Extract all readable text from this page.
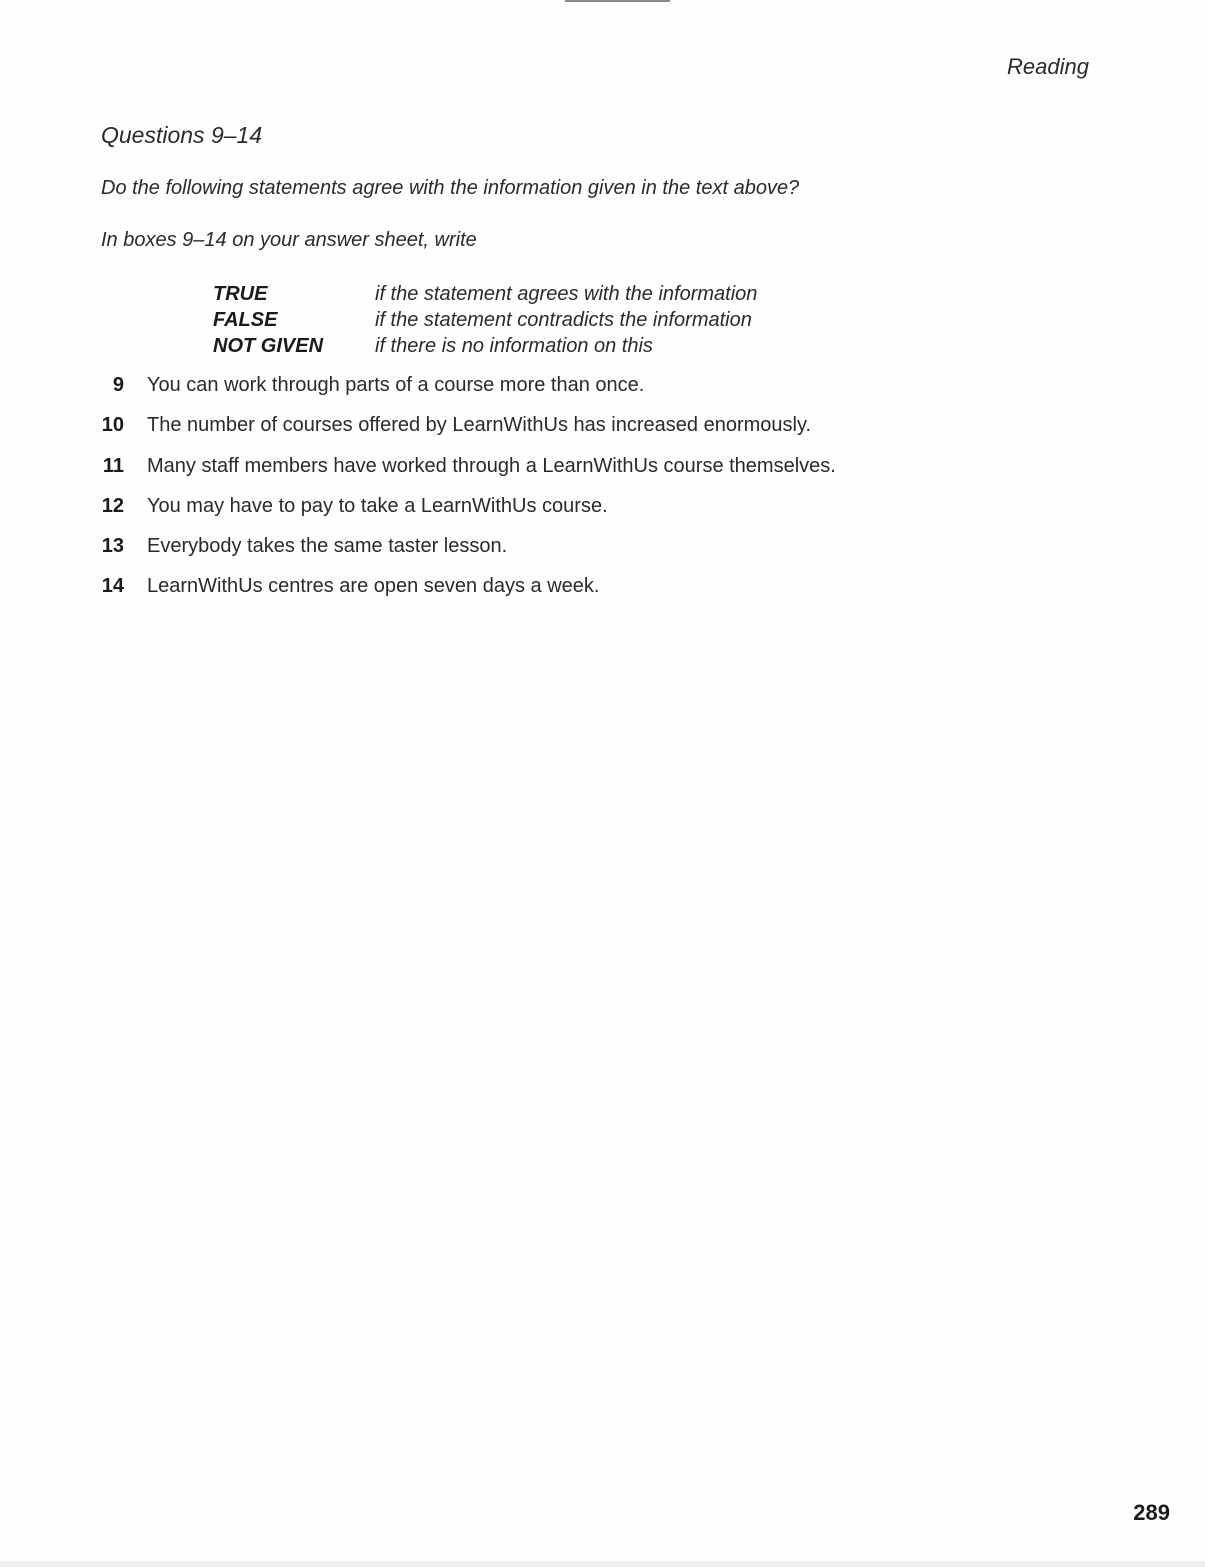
Reading
Questions 9–14
Do the following statements agree with the information given in the text above?
In boxes 9–14 on your answer sheet, write
TRUE	if the statement agrees with the information
FALSE	if the statement contradicts the information
NOT GIVEN	if there is no information on this
9 You can work through parts of a course more than once.
10 The number of courses offered by LearnWithUs has increased enormously.
11 Many staff members have worked through a LearnWithUs course themselves.
12 You may have to pay to take a LearnWithUs course.
13 Everybody takes the same taster lesson.
14 LearnWithUs centres are open seven days a week.
289
